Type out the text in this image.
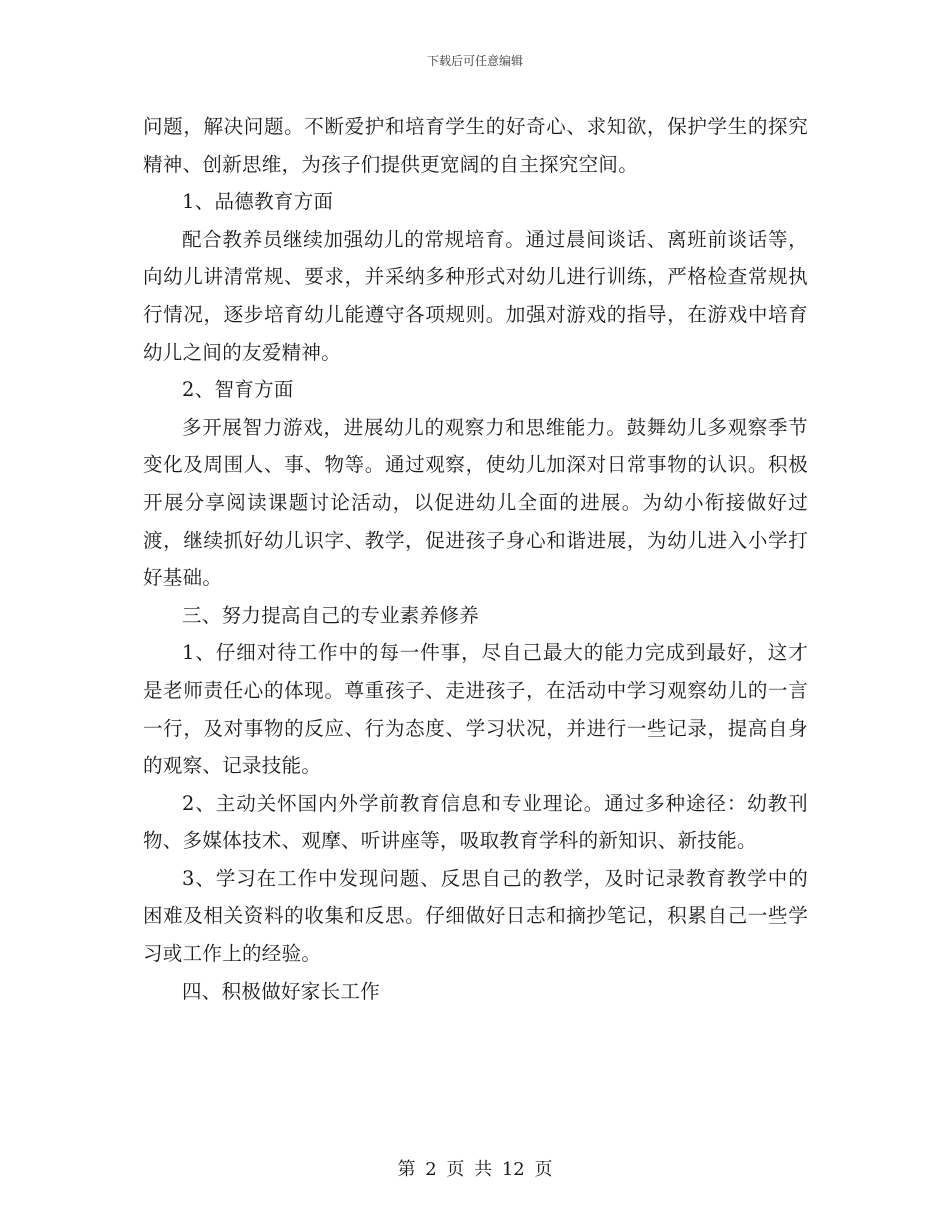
下载后可任意编辑

问题，解决问题。不断爱护和培育学生的好奇心、求知欲，保护学生的探究精神、创新思维，为孩子们提供更宽阔的自主探究空间。

1、品德教育方面

配合教养员继续加强幼儿的常规培育。通过晨间谈话、离班前谈话等，向幼儿讲清常规、要求，并采纳多种形式对幼儿进行训练，严格检查常规执行情况，逐步培育幼儿能遵守各项规则。加强对游戏的指导，在游戏中培育幼儿之间的友爱精神。

2、智育方面

多开展智力游戏，进展幼儿的观察力和思维能力。鼓舞幼儿多观察季节变化及周围人、事、物等。通过观察，使幼儿加深对日常事物的认识。积极开展分享阅读课题讨论活动，以促进幼儿全面的进展。为幼小衔接做好过渡，继续抓好幼儿识字、教学，促进孩子身心和谐进展，为幼儿进入小学打好基础。

三、努力提高自己的专业素养修养

1、仔细对待工作中的每一件事，尽自己最大的能力完成到最好，这才是老师责任心的体现。尊重孩子、走进孩子，在活动中学习观察幼儿的一言一行，及对事物的反应、行为态度、学习状况，并进行一些记录，提高自身的观察、记录技能。

2、主动关怀国内外学前教育信息和专业理论。通过多种途径：幼教刊物、多媒体技术、观摩、听讲座等，吸取教育学科的新知识、新技能。

3、学习在工作中发现问题、反思自己的教学，及时记录教育教学中的困难及相关资料的收集和反思。仔细做好日志和摘抄笔记，积累自己一些学习或工作上的经验。

四、积极做好家长工作

第 2 页 共 12 页
